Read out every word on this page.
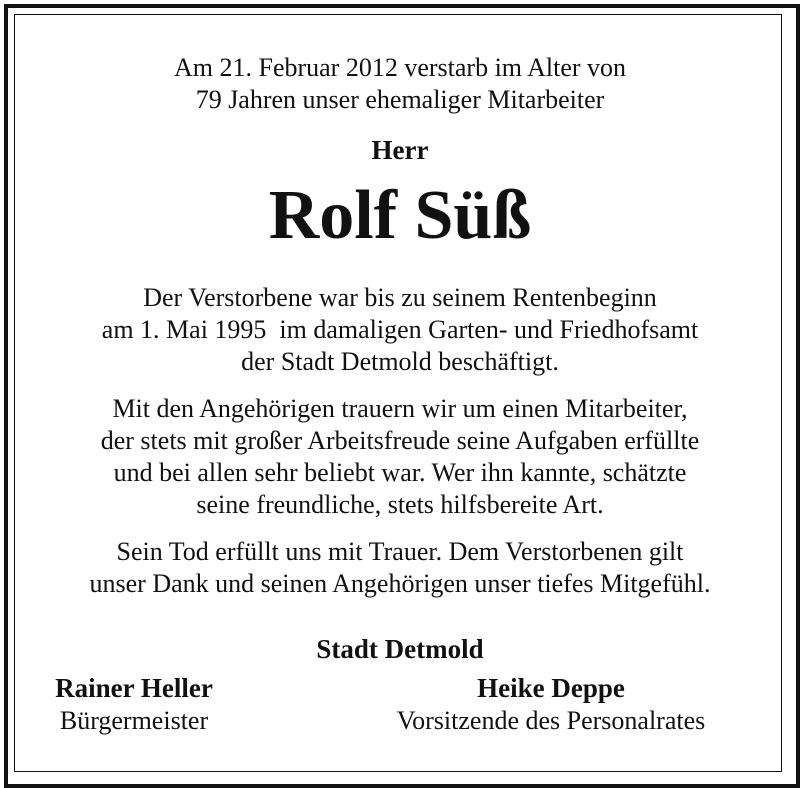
Am 21. Februar 2012 verstarb im Alter von
79 Jahren unser ehemaliger Mitarbeiter
Herr
Rolf Süß
Der Verstorbene war bis zu seinem Rentenbeginn
am 1. Mai 1995  im damaligen Garten- und Friedhofsamt
der Stadt Detmold beschäftigt.
Mit den Angehörigen trauern wir um einen Mitarbeiter,
der stets mit großer Arbeitsfreude seine Aufgaben erfüllte
und bei allen sehr beliebt war. Wer ihn kannte, schätzte
seine freundliche, stets hilfsbereite Art.
Sein Tod erfüllt uns mit Trauer. Dem Verstorbenen gilt
unser Dank und seinen Angehörigen unser tiefes Mitgefühl.
Stadt Detmold
Rainer Heller
Bürgermeister
Heike Deppe
Vorsitzende des Personalrates
